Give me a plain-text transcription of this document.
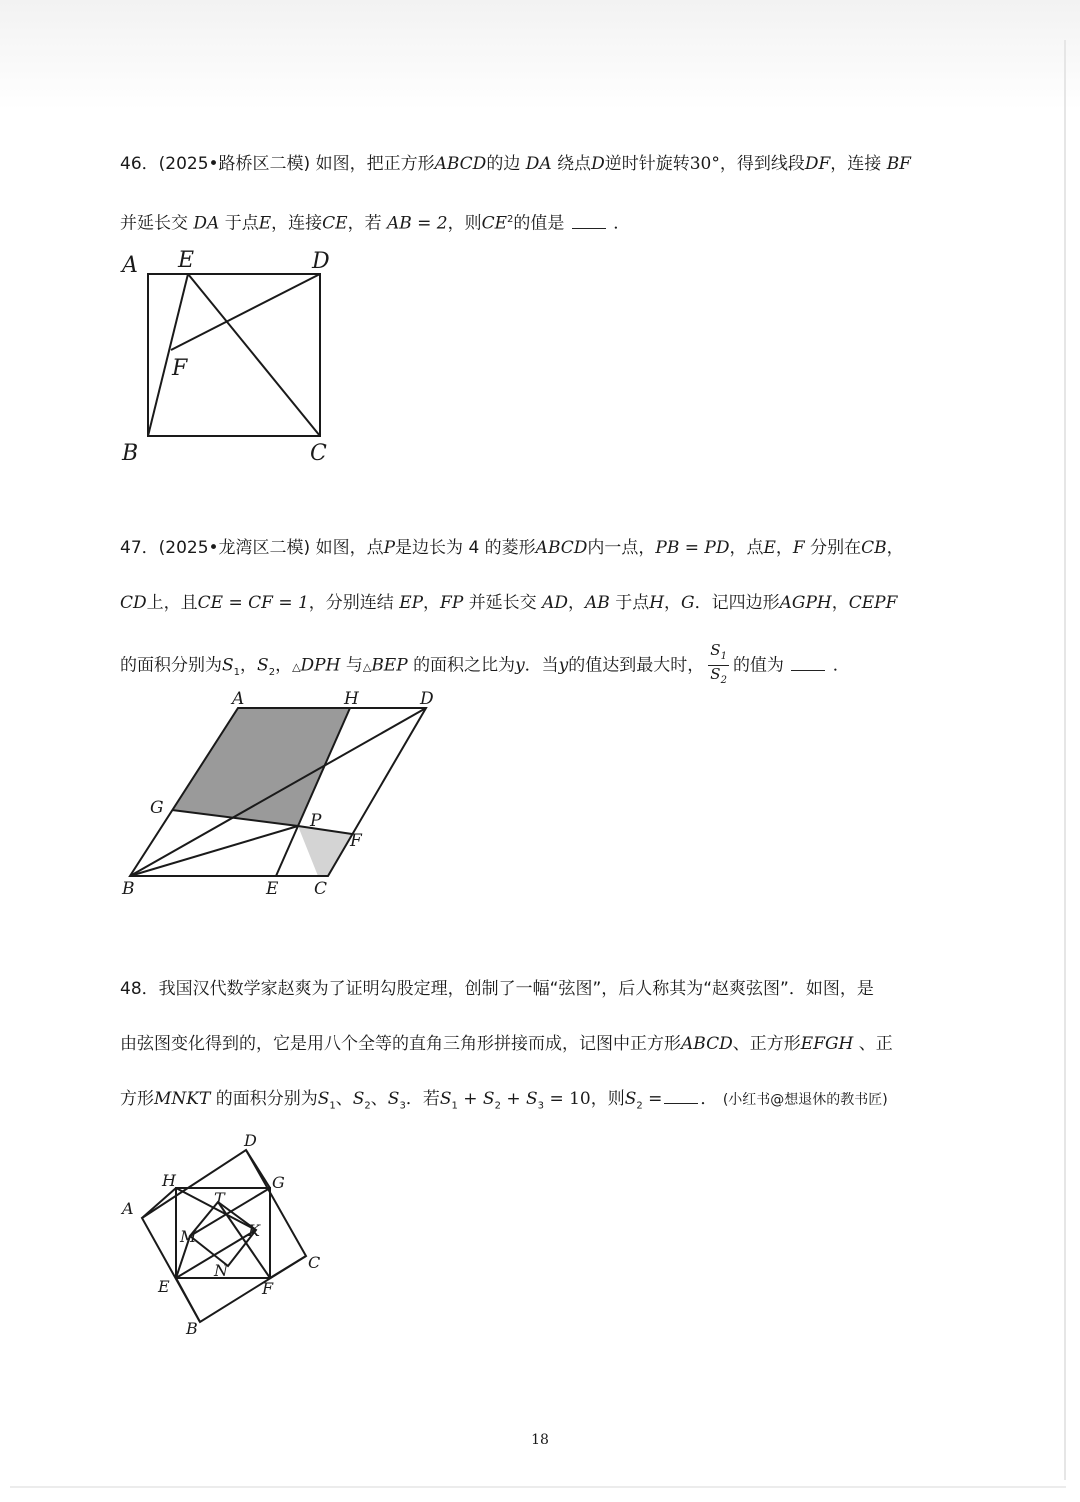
46．(2025•路桥区二模) 如图，把正方形ABCD的边 DA 绕点D逆时针旋转30°，得到线段DF，连接 BF
并延长交 DA 于点E，连接CE，若 AB = 2，则$CE^2$的值是	．
A E	D
F
B	C
47．(2025•龙湾区二模) 如图，点P是边长为 4 的菱形ABCD内一点，PB = PD，点E，F 分别在CB，
CD上，且CE = CF = 1，分别连结 EP，FP 并延长交 AD，AB 于点H，G．记四边形AGPH，CEPF
的面积分别为$S_1$，$S_2$，△DPH 与△BEP 的面积之比为y．当y的值达到最大时， $\frac{S_1}{S_2}$ 的值为	．
A	H	D
G
P
F
B	E C
48．我国汉代数学家赵爽为了证明勾股定理，创制了一幅“弦图”，后人称其为“赵爽弦图”．如图，是
由弦图变化得到的，它是用八个全等的直角三角形拼接而成，记图中正方形ABCD、正方形EFGH 、正
方形MNKT 的面积分别为$S_1$、$S_2$、$S_3$．若$S_1 + S_2 + S_3 = 10$，则$S_2$ = ． (小红书@想退休的教书匠)
D
H	G
A
T
K
M
C
N
E	F
B
18
